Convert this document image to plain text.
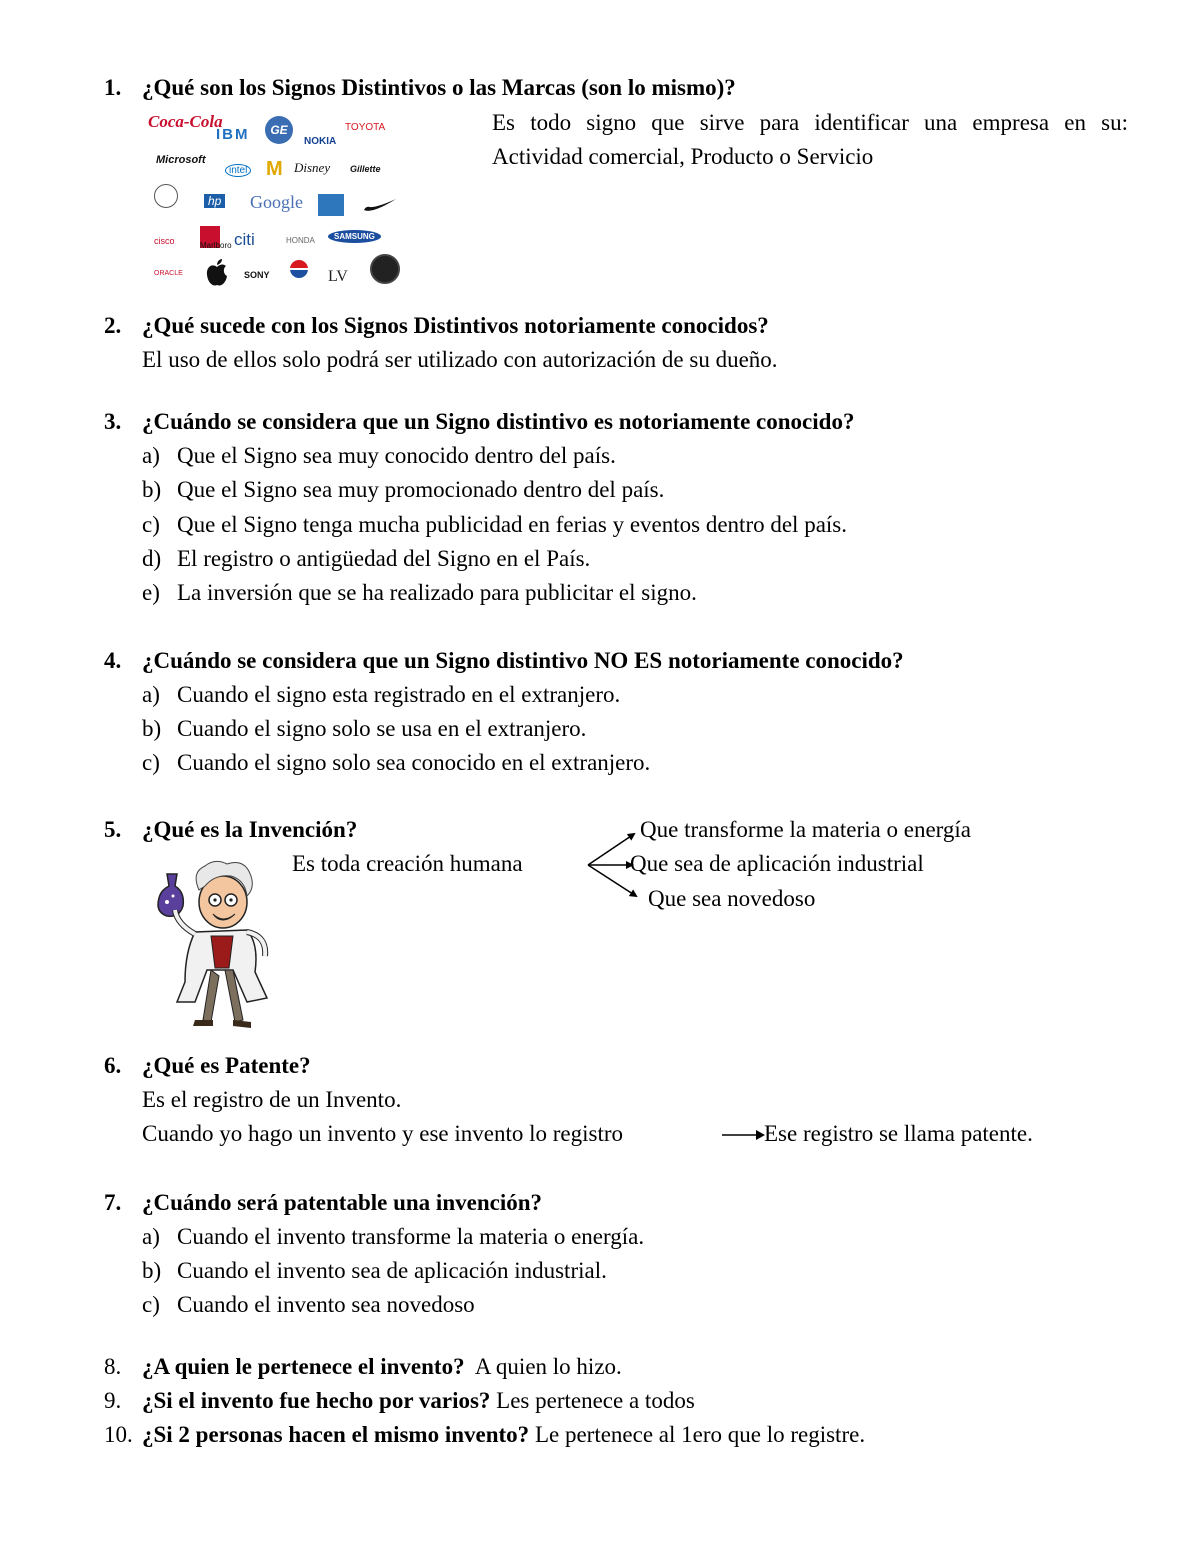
1. ¿Qué son los Signos Distintivos o las Marcas (son lo mismo)?
Coca-Cola
IBM	GE
NOKIA
TOYOTA
Microsoft
intel M Disney Gillette
hp Google
cisco	Marlboro citi	HONDA	SAMSUNG
ORACLE	SONY	LV
Es todo signo que sirve para identificar una empresa en su: Actividad comercial, Producto o Servicio
2. ¿Qué sucede con los Signos Distintivos notoriamente conocidos?
El uso de ellos solo podrá ser utilizado con autorización de su dueño.
3. ¿Cuándo se considera que un Signo distintivo es notoriamente conocido?
a) Que el Signo sea muy conocido dentro del país.
b) Que el Signo sea muy promocionado dentro del país.
c) Que el Signo tenga mucha publicidad en ferias y eventos dentro del país.
d) El registro o antigüedad del Signo en el País.
e) La inversión que se ha realizado para publicitar el signo.
4. ¿Cuándo se considera que un Signo distintivo NO ES notoriamente conocido?
a) Cuando el signo esta registrado en el extranjero.
b) Cuando el signo solo se usa en el extranjero.
c) Cuando el signo solo sea conocido en el extranjero.
5. ¿Qué es la Invención?
Es toda creación humana
Que transforme la materia o energía
Que sea de aplicación industrial
Que sea novedoso
6. ¿Qué es Patente?
Es el registro de un Invento.
Cuando yo hago un invento y ese invento lo registro	Ese registro se llama patente.
7. ¿Cuándo será patentable una invención?
a) Cuando el invento transforme la materia o energía.
b) Cuando el invento sea de aplicación industrial.
c) Cuando el invento sea novedoso
8. ¿A quien le pertenece el invento? A quien lo hizo.
9. ¿Si el invento fue hecho por varios? Les pertenece a todos
10. ¿Si 2 personas hacen el mismo invento? Le pertenece al 1ero que lo registre.
